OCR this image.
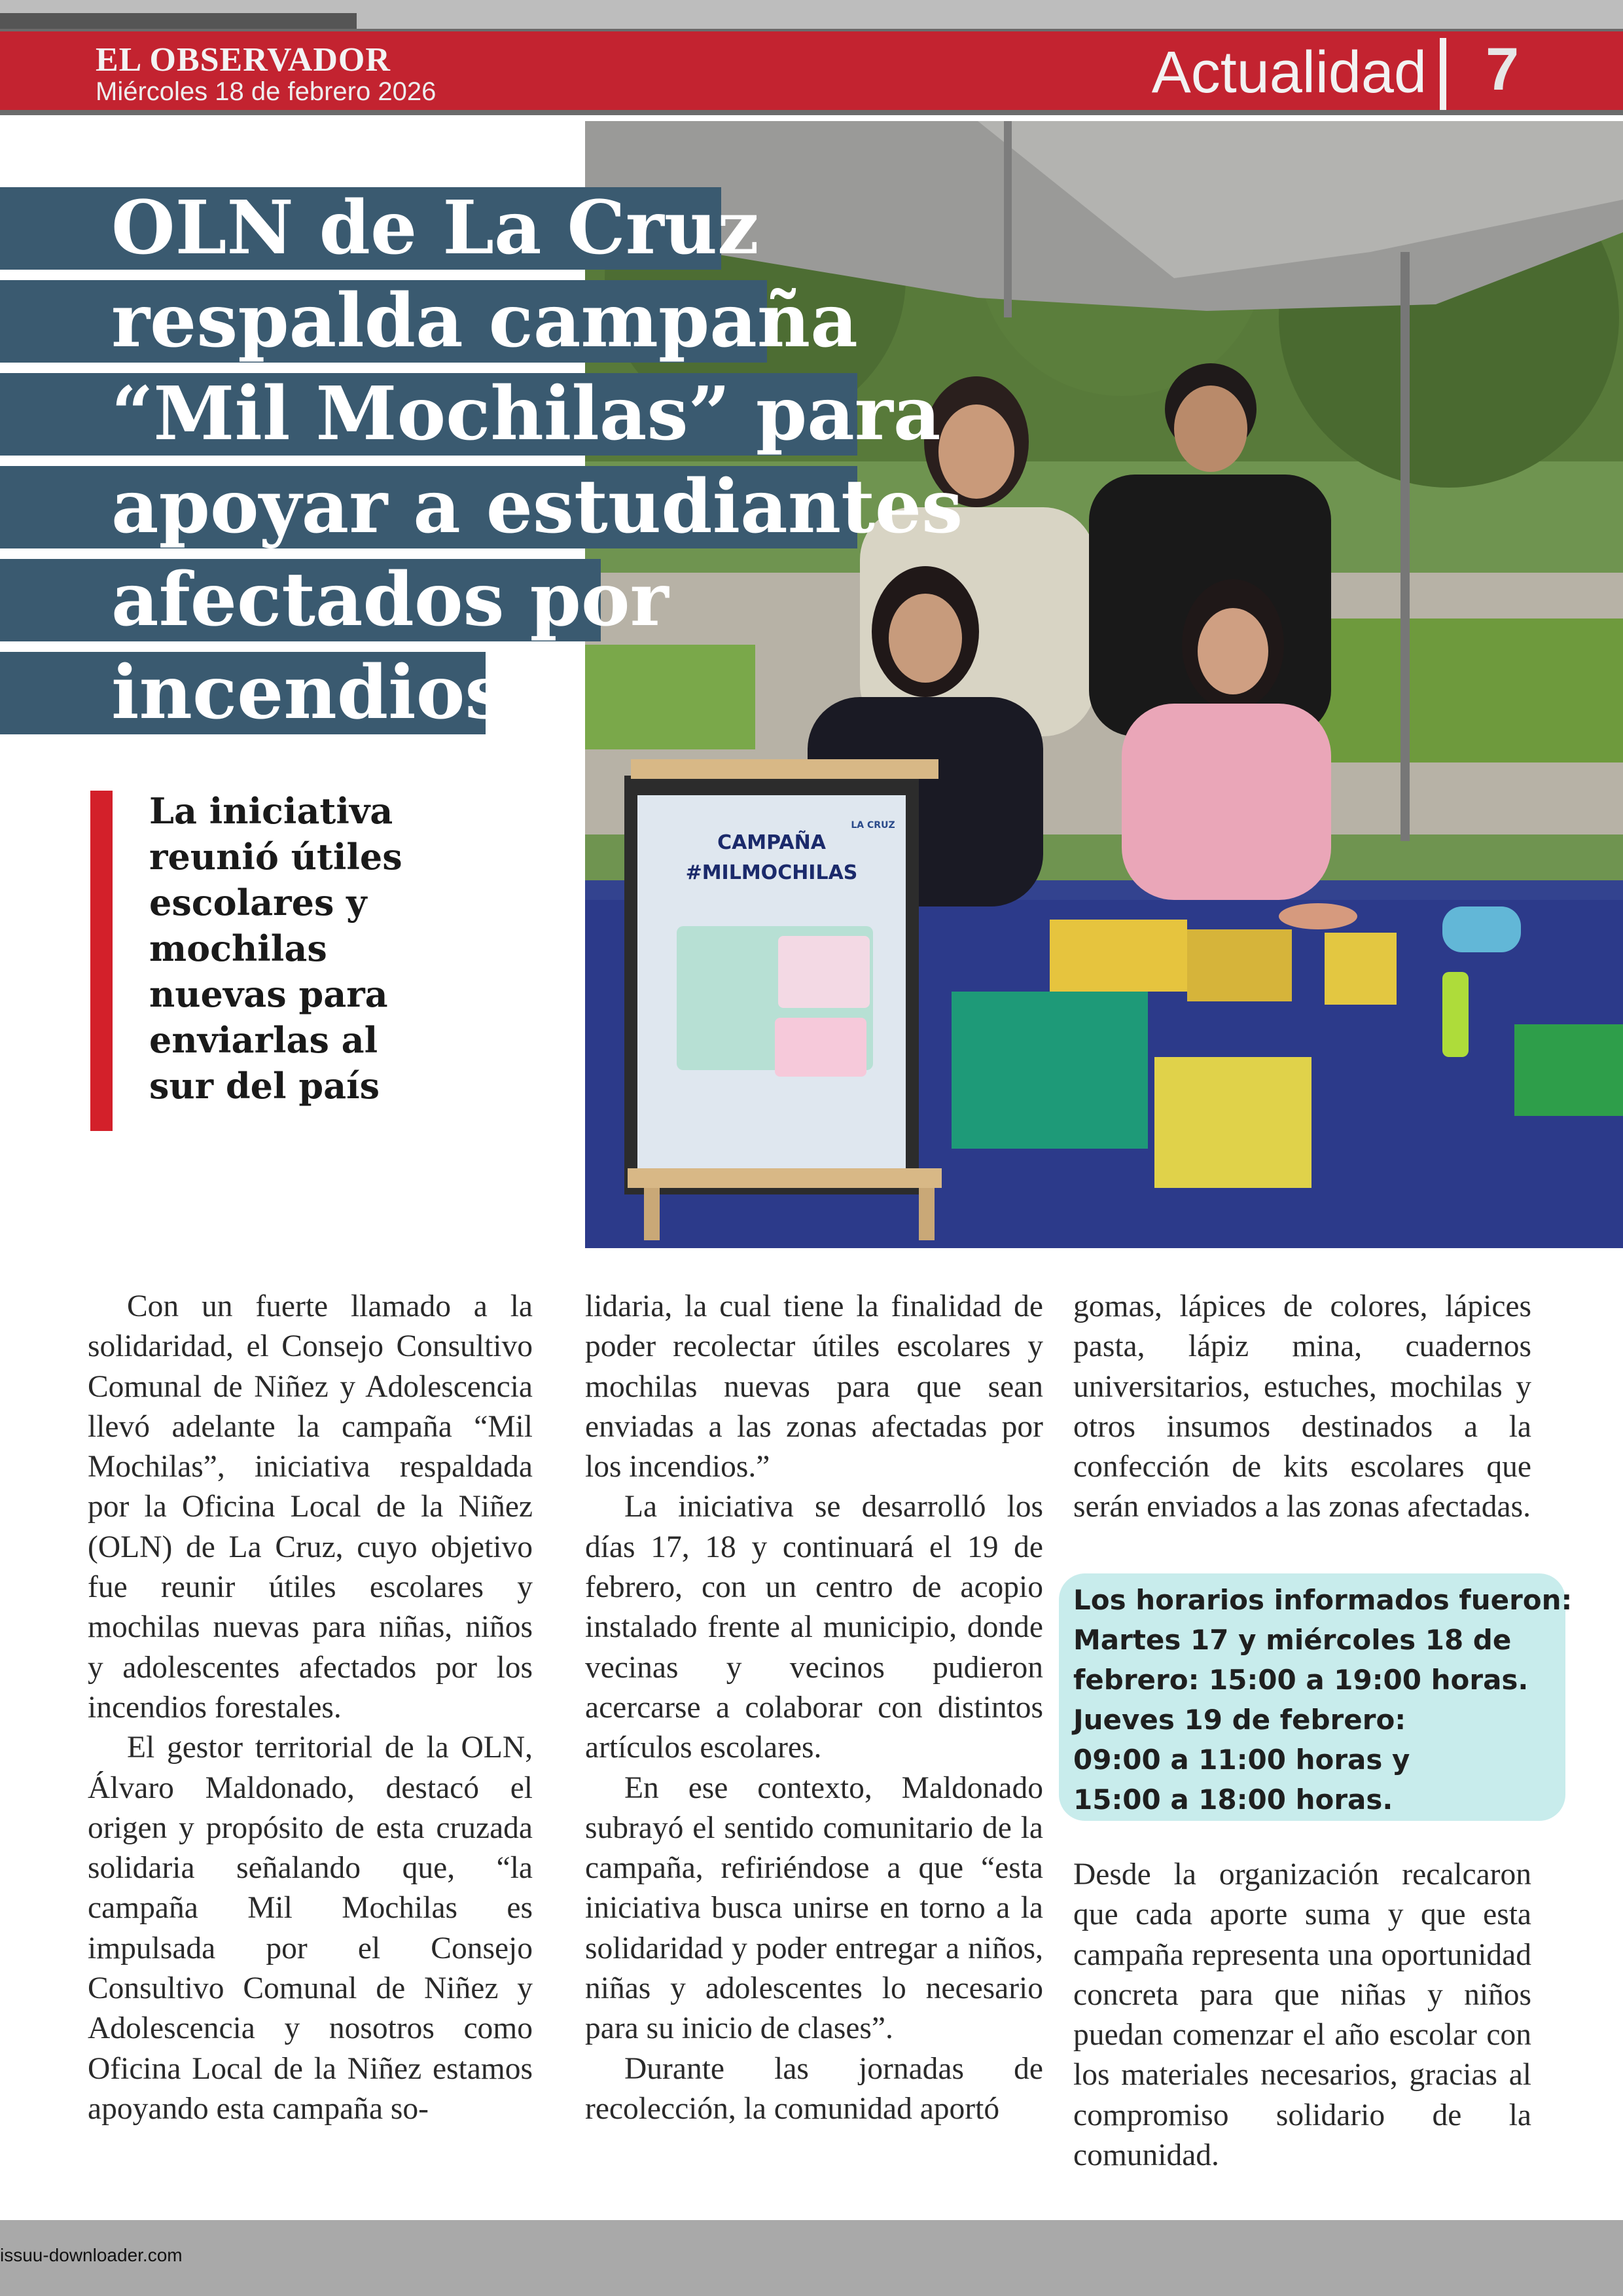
EL OBSERVADOR
Miércoles 18 de febrero 2026	Actualidad 7
CAMPAÑA
#MILMOCHILAS
LA CRUZ
OLN de La Cruz
respalda campaña
“Mil Mochilas” para
apoyar a estudiantes
afectados por
incendios
La iniciativa
reunió útiles
escolares y
mochilas
nuevas para
enviarlas al
sur del país

Con un fuerte llamado a la solidaridad, el Consejo Consultivo Comunal de Niñez y Adolescencia llevó adelante la campaña “Mil Mochilas”, iniciativa respaldada por la Oficina Local de la Niñez (OLN) de La Cruz, cuyo objetivo fue reunir útiles escolares y mochilas nuevas para niñas, niños y adolescentes afectados por los incendios forestales.

El gestor territorial de la OLN, Álvaro Maldonado, destacó el origen y propósito de esta cruzada solidaria señalando que, “la campaña Mil Mochilas es impulsada por el Consejo Consultivo Comunal de Niñez y Adolescencia y nosotros como Oficina Local de la Niñez estamos apoyando esta campaña so-

lidaria, la cual tiene la finalidad de poder recolectar útiles escolares y mochilas nuevas para que sean enviadas a las zonas afectadas por los incendios.”

La iniciativa se desarrolló los días 17, 18 y continuará el 19 de febrero, con un centro de acopio instalado frente al municipio, donde vecinas y vecinos pudieron acercarse a colaborar con distintos artículos escolares.

En ese contexto, Maldonado subrayó el sentido comunitario de la campaña, refiriéndose a que “esta iniciativa busca unirse en torno a la solidaridad y poder entregar a niños, niñas y adolescentes lo necesario para su inicio de clases”.

Durante las jornadas de recolección, la comunidad aportó

gomas, lápices de colores, lápices pasta, lápiz mina, cuadernos universitarios, estuches, mochilas y otros insumos destinados a la confección de kits escolares que serán enviados a las zonas afectadas.

Los horarios informados fueron:
Martes 17 y miércoles 18 de
febrero: 15:00 a 19:00 horas.
Jueves 19 de febrero:
09:00 a 11:00 horas y
15:00 a 18:00 horas.

Desde la organización recalcaron que cada aporte suma y que esta campaña representa una oportunidad concreta para que niñas y niños puedan comenzar el año escolar con los materiales necesarios, gracias al compromiso solidario de la comunidad.

issuu-downloader.com
